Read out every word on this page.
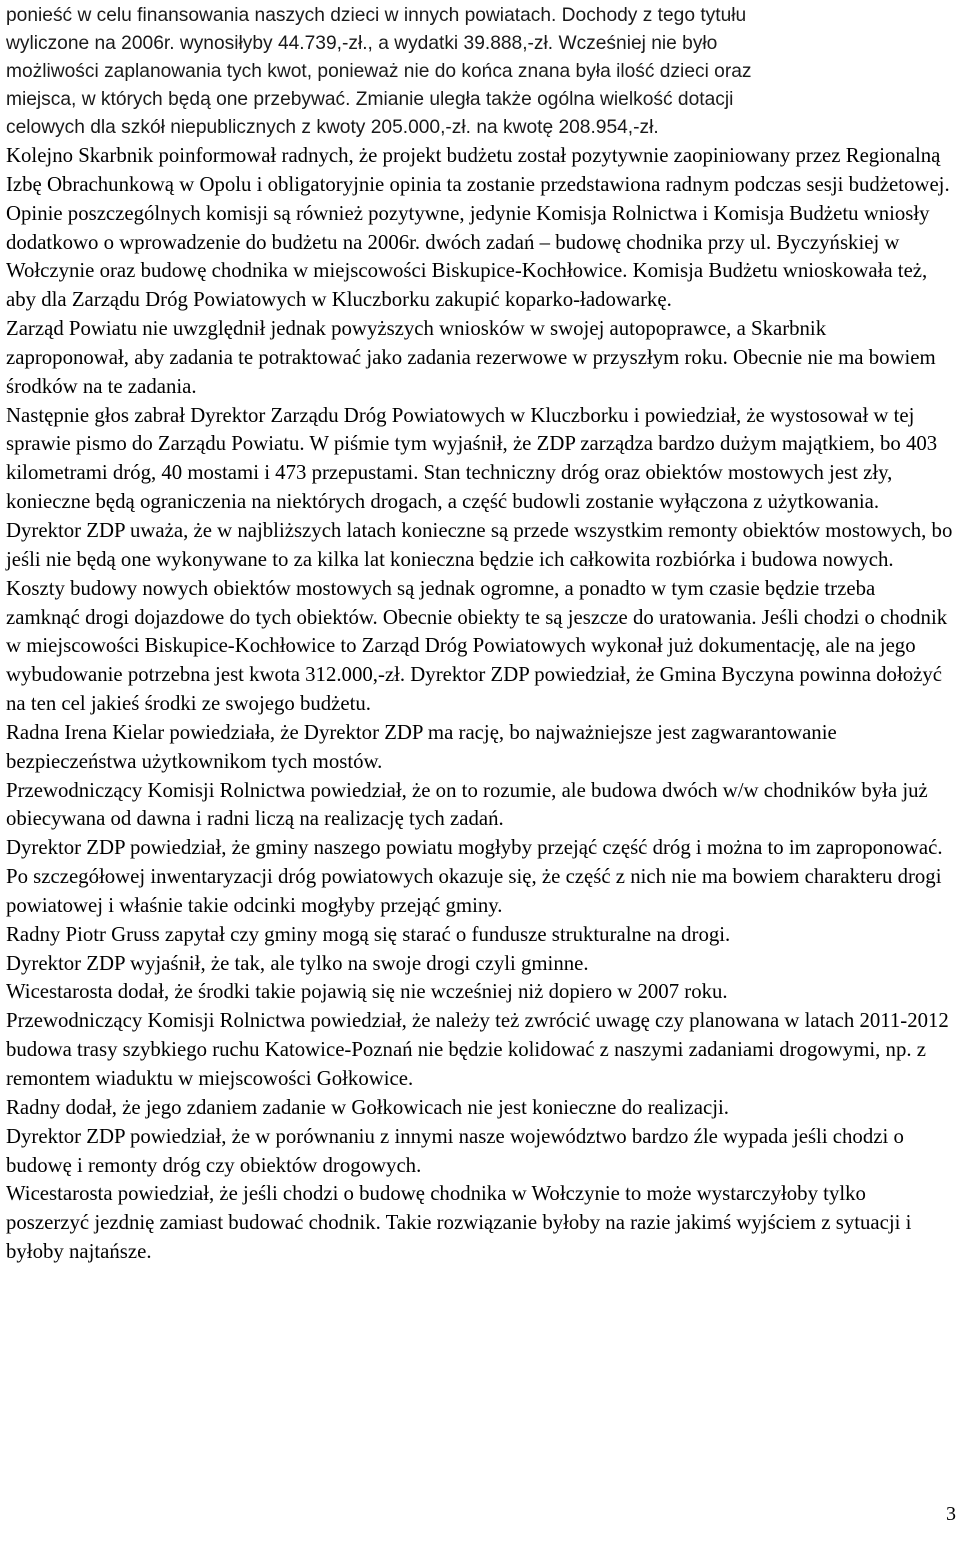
ponieść w celu finansowania naszych dzieci w innych powiatach. Dochody z tego tytułu
wyliczone na 2006r. wynosiłyby 44.739,-zł., a wydatki 39.888,-zł. Wcześniej nie było
możliwości zaplanowania tych kwot, ponieważ nie do końca znana była ilość dzieci oraz
miejsca, w których będą one przebywać. Zmianie uległa także ogólna wielkość dotacji
celowych dla szkół niepublicznych z kwoty 205.000,-zł. na kwotę 208.954,-zł.

Kolejno Skarbnik poinformował radnych, że projekt budżetu został pozytywnie zaopiniowany przez Regionalną Izbę Obrachunkową w Opolu i obligatoryjnie opinia ta zostanie przedstawiona radnym podczas sesji budżetowej. Opinie poszczególnych komisji są również pozytywne, jedynie Komisja Rolnictwa i Komisja Budżetu wniosły dodatkowo o wprowadzenie do budżetu na 2006r. dwóch zadań – budowę chodnika przy ul. Byczyńskiej w Wołczynie oraz budowę chodnika w miejscowości Biskupice-Kochłowice. Komisja Budżetu wnioskowała też, aby dla Zarządu Dróg Powiatowych w Kluczborku zakupić koparko-ładowarkę.

Zarząd Powiatu nie uwzględnił jednak powyższych wniosków w swojej autopoprawce, a Skarbnik zaproponował, aby zadania te potraktować jako zadania rezerwowe w przyszłym roku. Obecnie nie ma bowiem środków na te zadania.

Następnie głos zabrał Dyrektor Zarządu Dróg Powiatowych w Kluczborku i powiedział, że wystosował w tej sprawie pismo do Zarządu Powiatu. W piśmie tym wyjaśnił, że ZDP zarządza bardzo dużym majątkiem, bo 403 kilometrami dróg, 40 mostami i 473 przepustami. Stan techniczny dróg oraz obiektów mostowych jest zły, konieczne będą ograniczenia na niektórych drogach, a część budowli zostanie wyłączona z użytkowania. Dyrektor ZDP uważa, że w najbliższych latach konieczne są przede wszystkim remonty obiektów mostowych, bo jeśli nie będą one wykonywane to za kilka lat konieczna będzie ich całkowita rozbiórka i budowa nowych. Koszty budowy nowych obiektów mostowych są jednak ogromne, a ponadto w tym czasie będzie trzeba zamknąć drogi dojazdowe do tych obiektów. Obecnie obiekty te są jeszcze do uratowania. Jeśli chodzi o chodnik w miejscowości Biskupice-Kochłowice to Zarząd Dróg Powiatowych wykonał już dokumentację, ale na jego wybudowanie potrzebna jest kwota 312.000,-zł. Dyrektor ZDP powiedział, że Gmina Byczyna powinna dołożyć na ten cel jakieś środki ze swojego budżetu.

Radna Irena Kielar powiedziała, że Dyrektor ZDP ma rację, bo najważniejsze jest zagwarantowanie bezpieczeństwa użytkownikom tych mostów.

Przewodniczący Komisji Rolnictwa powiedział, że on to rozumie, ale budowa dwóch w/w chodników była już obiecywana od dawna i radni liczą na realizację tych zadań.

Dyrektor ZDP powiedział, że gminy naszego powiatu mogłyby przejąć część dróg i można to im zaproponować. Po szczegółowej inwentaryzacji dróg powiatowych okazuje się, że część z nich nie ma bowiem charakteru drogi powiatowej i właśnie takie odcinki mogłyby przejąć gminy.

Radny Piotr Gruss zapytał czy gminy mogą się starać o fundusze strukturalne na drogi.

Dyrektor ZDP wyjaśnił, że tak, ale tylko na swoje drogi czyli gminne.

Wicestarosta dodał, że środki takie pojawią się nie wcześniej niż dopiero w 2007 roku.

Przewodniczący Komisji Rolnictwa powiedział, że należy też zwrócić uwagę czy planowana w latach 2011-2012 budowa trasy szybkiego ruchu Katowice-Poznań nie będzie kolidować z naszymi zadaniami drogowymi, np. z remontem wiaduktu w miejscowości Gołkowice.

Radny dodał, że jego zdaniem zadanie w Gołkowicach nie jest konieczne do realizacji.

Dyrektor ZDP powiedział, że w porównaniu z innymi nasze województwo bardzo źle wypada jeśli chodzi o budowę i remonty dróg czy obiektów drogowych.

Wicestarosta powiedział, że jeśli chodzi o budowę chodnika w Wołczynie to może wystarczyłoby tylko poszerzyć jezdnię zamiast budować chodnik. Takie rozwiązanie byłoby na razie jakimś wyjściem z sytuacji i byłoby najtańsze.

3
